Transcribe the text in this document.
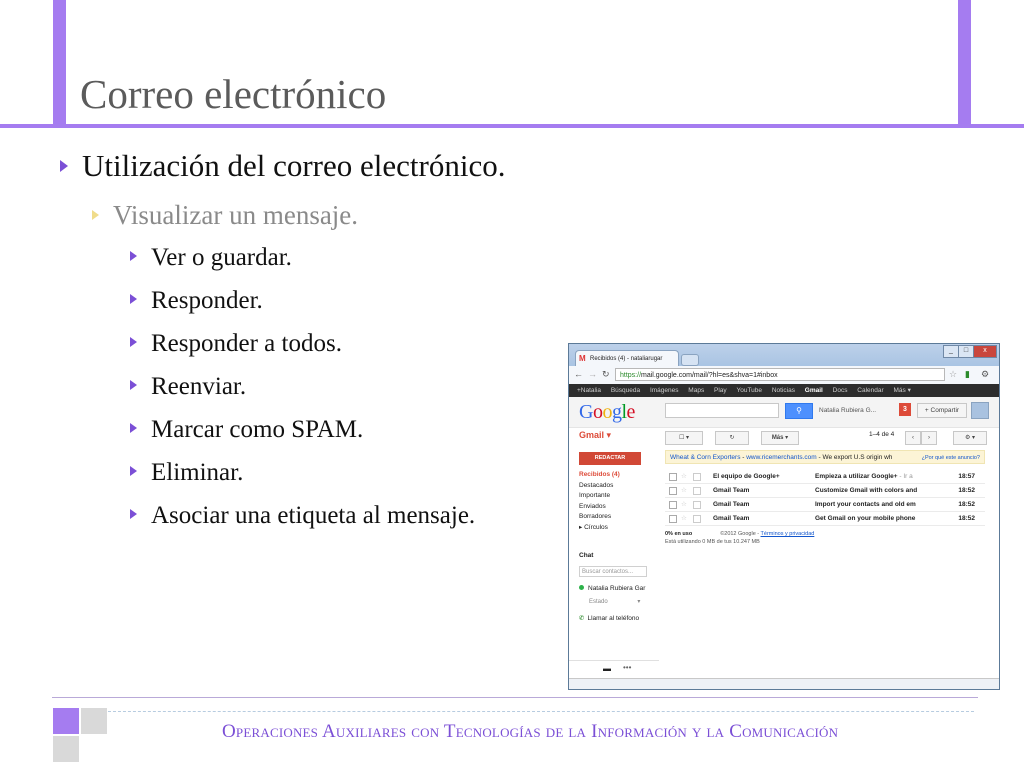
Correo electrónico
Utilización del correo electrónico.
Visualizar un mensaje.
Ver o guardar.
Responder.
Responder a todos.
Reenviar.
Marcar como SPAM.
Eliminar.
Asociar una etiqueta al mensaje.
M Recibidos (4) - nataliarugar
_	□	x
← → ↻	https://mail.google.com/mail/?hl=es&shva=1#inbox	☆ ▮ ⚙
+Natalia Búsqueda Imágenes Maps Play YouTube Noticias Gmail Docs Calendar Más ▾
Google	⚲	Natalia Rubiera G...	3	+ Compartir
Gmail ▾	☐ ▾	↻	Más ▾	1–4 de 4	‹	›	⚙ ▾
REDACTAR
Recibidos (4)
Destacados
Importante
Enviados
Borradores
▸ Círculos
Chat
Buscar contactos...
Natalia Rubiera Gar
Estado	▾
✆ Llamar al teléfono
Wheat & Corn Exporters - www.ricemerchants.com - We export U.S origin wh	¿Por qué este anuncio?
☆	El equipo de Google+	Empieza a utilizar Google+ - Ir a	18:57
☆	Gmail Team	Customize Gmail with colors and	18:52
☆	Gmail Team	Import your contacts and old em	18:52
☆	Gmail Team	Get Gmail on your mobile phone	18:52
0% en uso	©2012 Google - Términos y privacidad
Está utilizando 0 MB de tus 10.247 MB
▬ •••
Operaciones Auxiliares con Tecnologías de la Información y la Comunicación
